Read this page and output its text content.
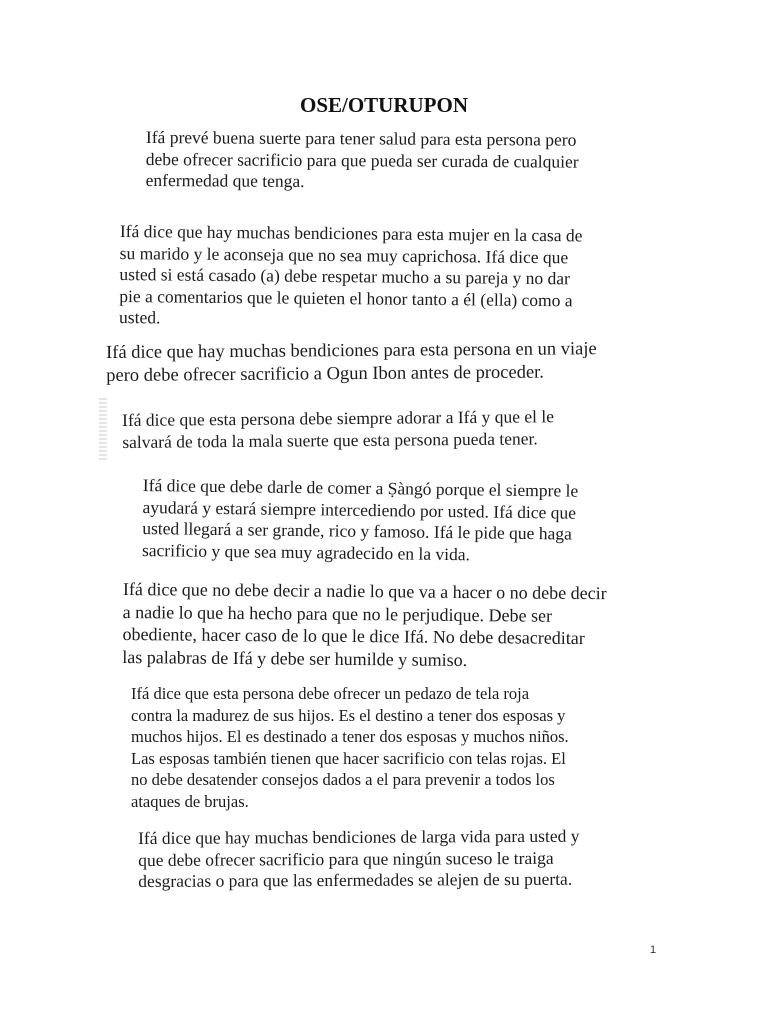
OSE/OTURUPON

Ifá prevé buena suerte para tener salud para esta persona pero
debe ofrecer sacrificio para que pueda ser curada de cualquier
enfermedad que tenga.

Ifá dice que hay muchas bendiciones para esta mujer en la casa de
su marido y le aconseja que no sea muy caprichosa. Ifá dice que
usted si está casado (a) debe respetar mucho a su pareja y no dar
pie a comentarios que le quieten el honor tanto a él (ella) como a
usted.

Ifá dice que hay muchas bendiciones para esta persona en un viaje
pero debe ofrecer sacrificio a Ogun Ibon antes de proceder.

Ifá dice que esta persona debe siempre adorar a Ifá y que el le
salvará de toda la mala suerte que esta persona pueda tener.

Ifá dice que debe darle de comer a Ṣàngó porque el siempre le
ayudará y estará siempre intercediendo por usted. Ifá dice que
usted llegará a ser grande, rico y famoso. Ifá le pide que haga
sacrificio y que sea muy agradecido en la vida.

Ifá dice que no debe decir a nadie lo que va a hacer o no debe decir
a nadie lo que ha hecho para que no le perjudique. Debe ser
obediente, hacer caso de lo que le dice Ifá. No debe desacreditar
las palabras de Ifá y debe ser humilde y sumiso.

Ifá dice que esta persona debe ofrecer un pedazo de tela roja
contra la madurez de sus hijos. Es el destino a tener dos esposas y
muchos hijos. El es destinado a tener dos esposas y muchos niños.
Las esposas también tienen que hacer sacrificio con telas rojas. El
no debe desatender consejos dados a el para prevenir a todos los
ataques de brujas.

Ifá dice que hay muchas bendiciones de larga vida para usted y
que debe ofrecer sacrificio para que ningún suceso le traiga
desgracias o para que las enfermedades se alejen de su puerta.

1
